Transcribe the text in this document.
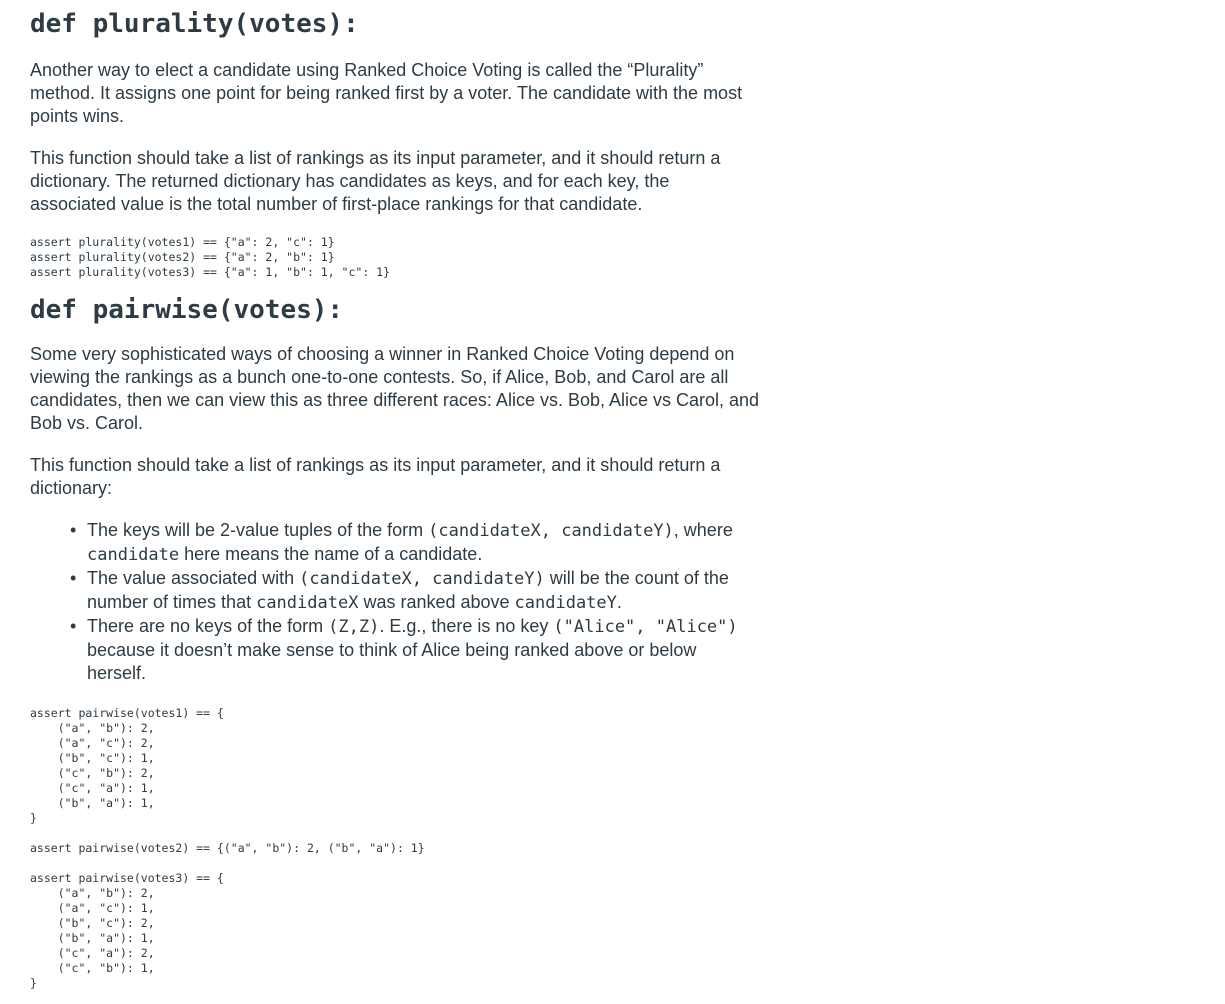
def plurality(votes):

Another way to elect a candidate using Ranked Choice Voting is called the “Plurality” method. It assigns one point for being ranked first by a voter. The candidate with the most points wins.

This function should take a list of rankings as its input parameter, and it should return a dictionary. The returned dictionary has candidates as keys, and for each key, the associated value is the total number of first-place rankings for that candidate.

assert plurality(votes1) == {"a": 2, "c": 1}
assert plurality(votes2) == {"a": 2, "b": 1}
assert plurality(votes3) == {"a": 1, "b": 1, "c": 1}
def pairwise(votes):

Some very sophisticated ways of choosing a winner in Ranked Choice Voting depend on viewing the rankings as a bunch one-to-one contests. So, if Alice, Bob, and Carol are all candidates, then we can view this as three different races: Alice vs. Bob, Alice vs Carol, and Bob vs. Carol.

This function should take a list of rankings as its input parameter, and it should return a dictionary:

• The keys will be 2-value tuples of the form (candidateX, candidateY), where candidate here means the name of a candidate.
• The value associated with (candidateX, candidateY) will be the count of the number of times that candidateX was ranked above candidateY.
• There are no keys of the form (Z,Z). E.g., there is no key ("Alice", "Alice") because it doesn’t make sense to think of Alice being ranked above or below herself.
assert pairwise(votes1) == {
("a", "b"): 2,
("a", "c"): 2,
("b", "c"): 1,
("c", "b"): 2,
("c", "a"): 1,
("b", "a"): 1,
}
assert pairwise(votes2) == {("a", "b"): 2, ("b", "a"): 1}
assert pairwise(votes3) == {
("a", "b"): 2,
("a", "c"): 1,
("b", "c"): 2,
("b", "a"): 1,
("c", "a"): 2,
("c", "b"): 1,
}
